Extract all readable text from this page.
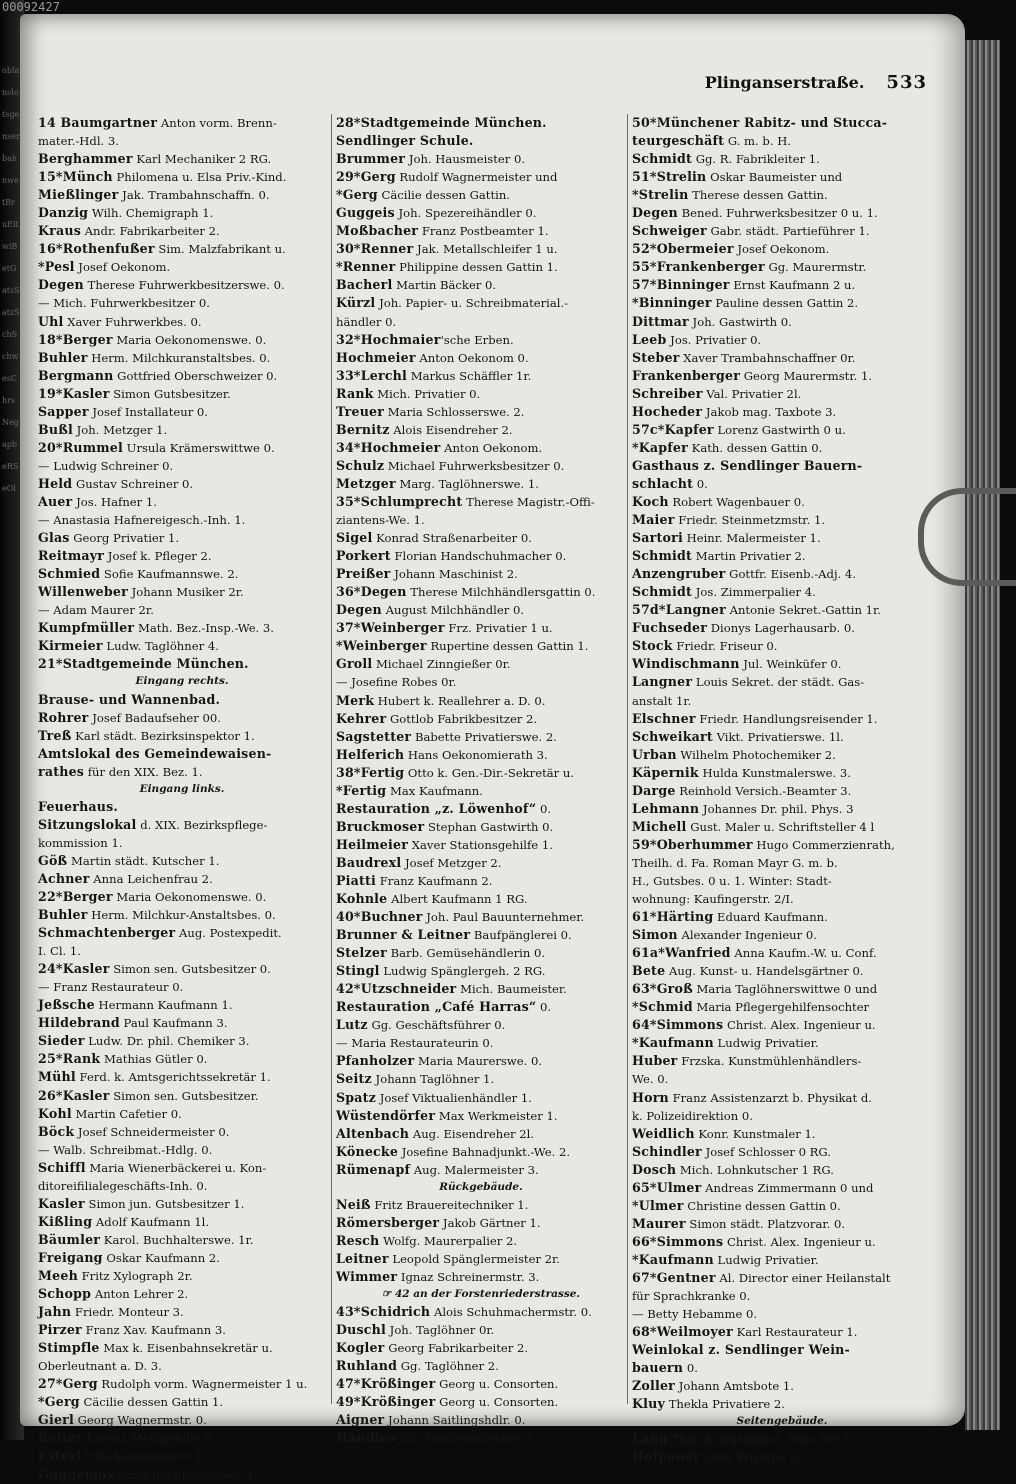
00092427
oblanslotsgenserbahnwetBruEitwiBetGatsSatzSchSchwesChrsNegapbeRSeOl
Plinganserstraße. 533
14 Baumgartner Anton vorm. Brenn-
mater.-Hdl. 3.
Berghammer Karl Mechaniker 2 RG.
15*Münch Philomena u. Elsa Priv.-Kind.
Mießlinger Jak. Trambahnschaffn. 0.
Danzig Wilh. Chemigraph 1.
Kraus Andr. Fabrikarbeiter 2.
16*Rothenfußer Sim. Malzfabrikant u.
*Pesl Josef Oekonom.
Degen Therese Fuhrwerkbesitzerswe. 0.
— Mich. Fuhrwerkbesitzer 0.
Uhl Xaver Fuhrwerkbes. 0.
18*Berger Maria Oekonomenswe. 0.
Buhler Herm. Milchkuranstaltsbes. 0.
Bergmann Gottfried Oberschweizer 0.
19*Kasler Simon Gutsbesitzer.
Sapper Josef Installateur 0.
Bußl Joh. Metzger 1.
20*Rummel Ursula Krämerswittwe 0.
— Ludwig Schreiner 0.
Held Gustav Schreiner 0.
Auer Jos. Hafner 1.
— Anastasia Hafnereigesch.-Inh. 1.
Glas Georg Privatier 1.
Reitmayr Josef k. Pfleger 2.
Schmied Sofie Kaufmannswe. 2.
Willenweber Johann Musiker 2r.
— Adam Maurer 2r.
Kumpfmüller Math. Bez.-Insp.-We. 3.
Kirmeier Ludw. Taglöhner 4.
21*Stadtgemeinde München.
Eingang rechts.
Brause- und Wannenbad.
Rohrer Josef Badaufseher 00.
Treß Karl städt. Bezirksinspektor 1.
Amtslokal des Gemeindewaisen-
rathes für den XIX. Bez. 1.
Eingang links.
Feuerhaus.
Sitzungslokal d. XIX. Bezirkspflege-
kommission 1.
Göß Martin städt. Kutscher 1.
Achner Anna Leichenfrau 2.
22*Berger Maria Oekonomenswe. 0.
Buhler Herm. Milchkur-Anstaltsbes. 0.
Schmachtenberger Aug. Postexpedit.
I. Cl. 1.
24*Kasler Simon sen. Gutsbesitzer 0.
— Franz Restaurateur 0.
Jeßsche Hermann Kaufmann 1.
Hildebrand Paul Kaufmann 3.
Sieder Ludw. Dr. phil. Chemiker 3.
25*Rank Mathias Gütler 0.
Mühl Ferd. k. Amtsgerichtssekretär 1.
26*Kasler Simon sen. Gutsbesitzer.
Kohl Martin Cafetier 0.
Böck Josef Schneidermeister 0.
— Walb. Schreibmat.-Hdlg. 0.
Schiffl Maria Wienerbäckerei u. Kon-
ditoreifilialegeschäfts-Inh. 0.
Kasler Simon jun. Gutsbesitzer 1.
Kißling Adolf Kaufmann 1l.
Bäumler Karol. Buchhalterswe. 1r.
Freigang Oskar Kaufmann 2.
Meeh Fritz Xylograph 2r.
Schopp Anton Lehrer 2.
Jahn Friedr. Monteur 3.
Pirzer Franz Xav. Kaufmann 3.
Stimpfle Max k. Eisenbahnsekretär u.
Oberleutnant a. D. 3.
27*Gerg Rudolph vorm. Wagnermeister 1 u.
*Gerg Cäcilie dessen Gattin 1.
Gierl Georg Wagnermstr. 0.
Reiter Lorenz Metzgehilfe 0.
Esterl Otto Kaminkehrer 1.
Guggemos Anna Buchhalterswe. 1.
28*Stadtgemeinde München.
Sendlinger Schule.
Brummer Joh. Hausmeister 0.
29*Gerg Rudolf Wagnermeister und
*Gerg Cäcilie dessen Gattin.
Guggeis Joh. Spezereihändler 0.
Moßbacher Franz Postbeamter 1.
30*Renner Jak. Metallschleifer 1 u.
*Renner Philippine dessen Gattin 1.
Bacherl Martin Bäcker 0.
Kürzl Joh. Papier- u. Schreibmaterial.-
händler 0.
32*Hochmaier'sche Erben.
Hochmeier Anton Oekonom 0.
33*Lerchl Markus Schäffler 1r.
Rank Mich. Privatier 0.
Treuer Maria Schlosserswe. 2.
Bernitz Alois Eisendreher 2.
34*Hochmeier Anton Oekonom.
Schulz Michael Fuhrwerksbesitzer 0.
Metzger Marg. Taglöhnerswe. 1.
35*Schlumprecht Therese Magistr.-Offi-
ziantens-We. 1.
Sigel Konrad Straßenarbeiter 0.
Porkert Florian Handschuhmacher 0.
Preißer Johann Maschinist 2.
36*Degen Therese Milchhändlersgattin 0.
Degen August Milchhändler 0.
37*Weinberger Frz. Privatier 1 u.
*Weinberger Rupertine dessen Gattin 1.
Groll Michael Zinngießer 0r.
— Josefine Robes 0r.
Merk Hubert k. Reallehrer a. D. 0.
Kehrer Gottlob Fabrikbesitzer 2.
Sagstetter Babette Privatierswe. 2.
Helferich Hans Oekonomierath 3.
38*Fertig Otto k. Gen.-Dir.-Sekretär u.
*Fertig Max Kaufmann.
Restauration „z. Löwenhof“ 0.
Bruckmoser Stephan Gastwirth 0.
Heilmeier Xaver Stationsgehilfe 1.
Baudrexl Josef Metzger 2.
Piatti Franz Kaufmann 2.
Kohnle Albert Kaufmann 1 RG.
40*Buchner Joh. Paul Bauunternehmer.
Brunner & Leitner Baufpänglerei 0.
Stelzer Barb. Gemüsehändlerin 0.
Stingl Ludwig Spänglergeh. 2 RG.
42*Utzschneider Mich. Baumeister.
Restauration „Café Harras“ 0.
Lutz Gg. Geschäftsführer 0.
— Maria Restaurateurin 0.
Pfanholzer Maria Maurerswe. 0.
Seitz Johann Taglöhner 1.
Spatz Josef Viktualienhändler 1.
Wüstendörfer Max Werkmeister 1.
Altenbach Aug. Eisendreher 2l.
Könecke Josefine Bahnadjunkt.-We. 2.
Rümenapf Aug. Malermeister 3.
Rückgebäude.
Neiß Fritz Brauereitechniker 1.
Römersberger Jakob Gärtner 1.
Resch Wolfg. Maurerpalier 2.
Leitner Leopold Spänglermeister 2r.
Wimmer Ignaz Schreinermstr. 3.
☞ 42 an der Forstenriederstrasse.
43*Schidrich Alois Schuhmachermstr. 0.
Duschl Joh. Taglöhner 0r.
Kogler Georg Fabrikarbeiter 2.
Ruhland Gg. Taglöhner 2.
47*Krößinger Georg u. Consorten.
49*Krößinger Georg u. Consorten.
Aigner Johann Saitlingshdlr. 0.
Handlos Joh. Grubenaufseher 2.
50*Münchener Rabitz- und Stucca-
teurgeschäft G. m. b. H.
Schmidt Gg. R. Fabrikleiter 1.
51*Strelin Oskar Baumeister und
*Strelin Therese dessen Gattin.
Degen Bened. Fuhrwerksbesitzer 0 u. 1.
Schweiger Gabr. städt. Partieführer 1.
52*Obermeier Josef Oekonom.
55*Frankenberger Gg. Maurermstr.
57*Binninger Ernst Kaufmann 2 u.
*Binninger Pauline dessen Gattin 2.
Dittmar Joh. Gastwirth 0.
Leeb Jos. Privatier 0.
Steber Xaver Trambahnschaffner 0r.
Frankenberger Georg Maurermstr. 1.
Schreiber Val. Privatier 2l.
Hocheder Jakob mag. Taxbote 3.
57c*Kapfer Lorenz Gastwirth 0 u.
*Kapfer Kath. dessen Gattin 0.
Gasthaus z. Sendlinger Bauern-
schlacht 0.
Koch Robert Wagenbauer 0.
Maier Friedr. Steinmetzmstr. 1.
Sartori Heinr. Malermeister 1.
Schmidt Martin Privatier 2.
Anzengruber Gottfr. Eisenb.-Adj. 4.
Schmidt Jos. Zimmerpalier 4.
57d*Langner Antonie Sekret.-Gattin 1r.
Fuchseder Dionys Lagerhausarb. 0.
Stock Friedr. Friseur 0.
Windischmann Jul. Weinküfer 0.
Langner Louis Sekret. der städt. Gas-
anstalt 1r.
Elschner Friedr. Handlungsreisender 1.
Schweikart Vikt. Privatierswe. 1l.
Urban Wilhelm Photochemiker 2.
Käpernik Hulda Kunstmalerswe. 3.
Darge Reinhold Versich.-Beamter 3.
Lehmann Johannes Dr. phil. Phys. 3
Michell Gust. Maler u. Schriftsteller 4 l
59*Oberhummer Hugo Commerzienrath,
Theilh. d. Fa. Roman Mayr G. m. b.
H., Gutsbes. 0 u. 1. Winter: Stadt-
wohnung: Kaufingerstr. 2/I.
61*Härting Eduard Kaufmann.
Simon Alexander Ingenieur 0.
61a*Wanfried Anna Kaufm.-W. u. Conf.
Bete Aug. Kunst- u. Handelsgärtner 0.
63*Groß Maria Taglöhnerswittwe 0 und
*Schmid Maria Pflegergehilfensochter
64*Simmons Christ. Alex. Ingenieur u.
*Kaufmann Ludwig Privatier.
Huber Frzska. Kunstmühlenhändlers-
We. 0.
Horn Franz Assistenzarzt b. Physikat d.
k. Polizeidirektion 0.
Weidlich Konr. Kunstmaler 1.
Schindler Josef Schlosser 0 RG.
Dosch Mich. Lohnkutscher 1 RG.
65*Ulmer Andreas Zimmermann 0 und
*Ulmer Christine dessen Gattin 0.
Maurer Simon städt. Platzvorar. 0.
66*Simmons Christ. Alex. Ingenieur u.
*Kaufmann Ludwig Privatier.
67*Gentner Al. Director einer Heilanstalt
für Sprachkranke 0.
— Betty Hebamme 0.
68*Weilmoyer Karl Restaurateur 1.
Weinlokal z. Sendlinger Wein-
bauern 0.
Zoller Johann Amtsbote 1.
Kluy Thekla Privatiere 2.
Seitengebäude.
Lang Ther. Kriegsminist.-Sekr.-We. 0.
Hofpauer Josef Privatier 2.
